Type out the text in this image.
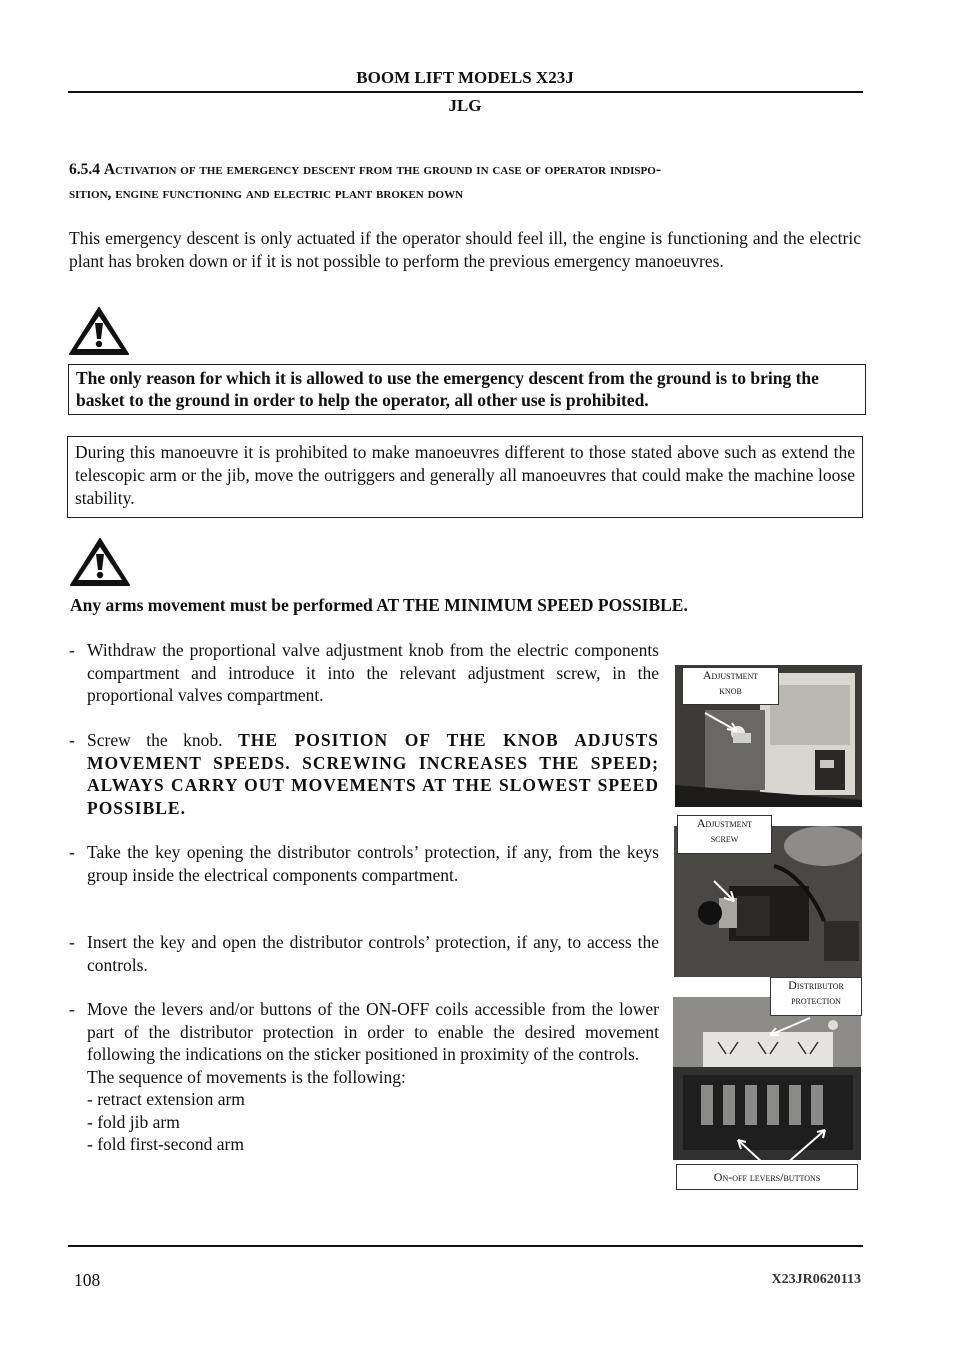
BOOM LIFT MODELS X23J
JLG
6.5.4 Activation of the emergency descent from the ground in case of operator indispo-
sition, engine functioning and electric plant broken down
This emergency descent is only actuated if the operator should feel ill, the engine is functioning and the electric plant has broken down or if it is not possible to perform the previous emergency manoeuvres.
The only reason for which it is allowed to use the emergency descent from the ground is to bring the basket to the ground in order to help the operator, all other use is prohibited.
During this manoeuvre it is prohibited to make manoeuvres different to those stated above such as extend the telescopic arm or the jib, move the outriggers and generally all manoeuvres that could make the machine loose stability.
Any arms movement must be performed AT THE MINIMUM SPEED POSSIBLE.
- Withdraw the proportional valve adjustment knob from the electric components compartment and introduce it into the relevant adjustment screw, in the proportional valves compartment.
- Screw the knob. THE POSITION OF THE KNOB ADJUSTS MOVEMENT SPEEDS. SCREWING INCREASES THE SPEED; ALWAYS CARRY OUT MOVEMENTS AT THE SLOWEST SPEED POSSIBLE.
- Take the key opening the distributor controls’ protection, if any, from the keys group inside the electrical components compartment.
- Insert the key and open the distributor controls’ protection, if any, to access the controls.
- Move the levers and/or buttons of the ON-OFF coils accessible from the lower part of the distributor protection in order to enable the desired movement following the indications on the sticker positioned in proximity of the controls.
The sequence of movements is the following:
- retract extension arm
- fold jib arm
- fold first-second arm
Adjustment
knob
Adjustment
screw
Distributor
protection
On-off levers/buttons
108	X23JR0620113
